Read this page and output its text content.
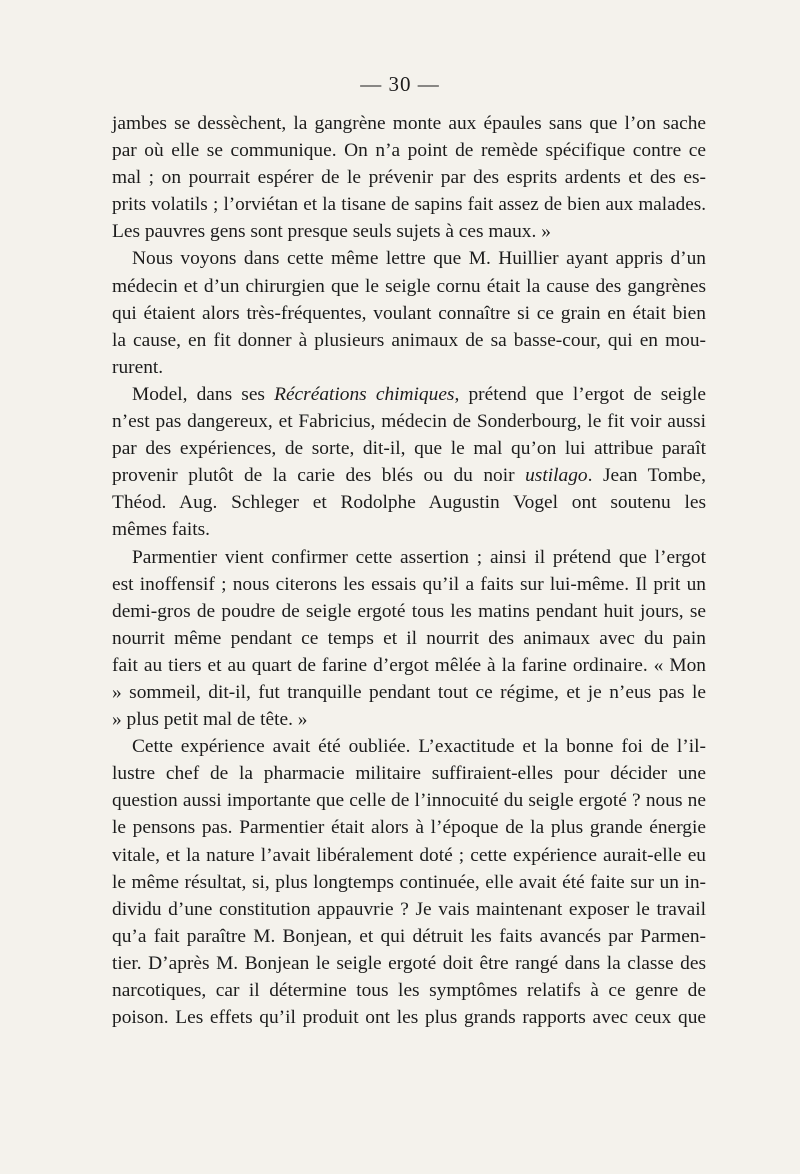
— 30 —
jambes se dessèchent, la gangrène monte aux épaules sans que l’on sache
par où elle se communique. On n’a point de remède spécifique contre ce
mal ; on pourrait espérer de le prévenir par des esprits ardents et des es-
prits volatils ; l’orviétan et la tisane de sapins fait assez de bien aux malades.
Les pauvres gens sont presque seuls sujets à ces maux. »
Nous voyons dans cette même lettre que M. Huillier ayant appris d’un
médecin et d’un chirurgien que le seigle cornu était la cause des gangrènes
qui étaient alors très-fréquentes, voulant connaître si ce grain en était bien
la cause, en fit donner à plusieurs animaux de sa basse-cour, qui en mou-
rurent.
Model, dans ses Récréations chimiques, prétend que l’ergot de seigle
n’est pas dangereux, et Fabricius, médecin de Sonderbourg, le fit voir aussi
par des expériences, de sorte, dit-il, que le mal qu’on lui attribue paraît
provenir plutôt de la carie des blés ou du noir ustilago. Jean Tombe,
Théod. Aug. Schleger et Rodolphe Augustin Vogel ont soutenu les
mêmes faits.
Parmentier vient confirmer cette assertion ; ainsi il prétend que l’ergot
est inoffensif ; nous citerons les essais qu’il a faits sur lui-même. Il prit un
demi-gros de poudre de seigle ergoté tous les matins pendant huit jours, se
nourrit même pendant ce temps et il nourrit des animaux avec du pain
fait au tiers et au quart de farine d’ergot mêlée à la farine ordinaire. « Mon
» sommeil, dit-il, fut tranquille pendant tout ce régime, et je n’eus pas le
» plus petit mal de tête. »
Cette expérience avait été oubliée. L’exactitude et la bonne foi de l’il-
lustre chef de la pharmacie militaire suffiraient-elles pour décider une
question aussi importante que celle de l’innocuité du seigle ergoté ? nous ne
le pensons pas. Parmentier était alors à l’époque de la plus grande énergie
vitale, et la nature l’avait libéralement doté ; cette expérience aurait-elle eu
le même résultat, si, plus longtemps continuée, elle avait été faite sur un in-
dividu d’une constitution appauvrie ? Je vais maintenant exposer le travail
qu’a fait paraître M. Bonjean, et qui détruit les faits avancés par Parmen-
tier. D’après M. Bonjean le seigle ergoté doit être rangé dans la classe des
narcotiques, car il détermine tous les symptômes relatifs à ce genre de
poison. Les effets qu’il produit ont les plus grands rapports avec ceux que
